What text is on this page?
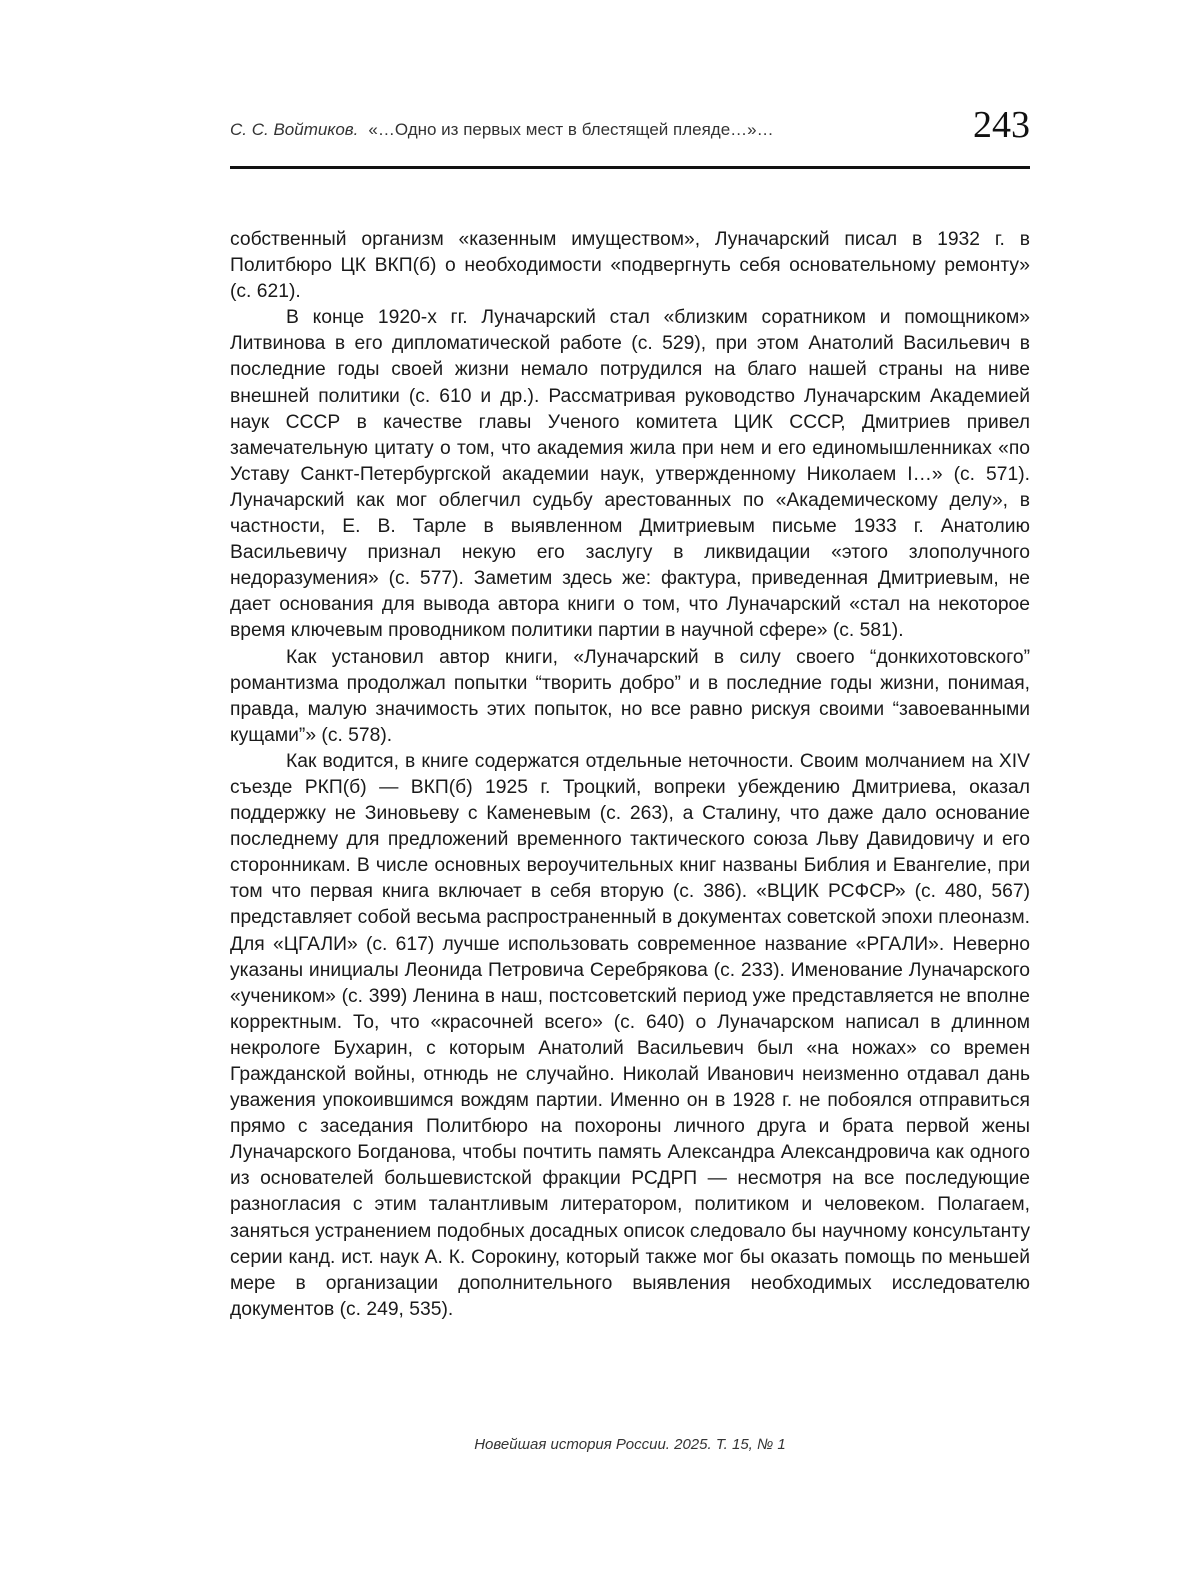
С. С. Войтиков. «…Одно из первых мест в блестящей плеяде…»…	243

собственный организм «казенным имуществом», Луначарский писал в 1932 г. в Политбюро ЦК ВКП(б) о необходимости «подвергнуть себя основательному ремонту» (с. 621).

В конце 1920-х гг. Луначарский стал «близким соратником и помощником» Литвинова в его дипломатической работе (с. 529), при этом Анатолий Васильевич в последние годы своей жизни немало потрудился на благо нашей страны на ниве внешней политики (с. 610 и др.). Рассматривая руководство Луначарским Академией наук СССР в качестве главы Ученого комитета ЦИК СССР, Дмитриев привел замечательную цитату о том, что академия жила при нем и его единомышленниках «по Уставу Санкт-Петербургской академии наук, утвержденному Николаем I…» (с. 571). Луначарский как мог облегчил судьбу арестованных по «Академическому делу», в частности, Е. В. Тарле в выявленном Дмитриевым письме 1933 г. Анатолию Васильевичу признал некую его заслугу в ликвидации «этого злополучного недоразумения» (с. 577). Заметим здесь же: фактура, приведенная Дмитриевым, не дает основания для вывода автора книги о том, что Луначарский «стал на некоторое время ключевым проводником политики партии в научной сфере» (с. 581).

Как установил автор книги, «Луначарский в силу своего “донкихотовского” романтизма продолжал попытки “творить добро” и в последние годы жизни, понимая, правда, малую значимость этих попыток, но все равно рискуя своими “завоеванными кущами”» (с. 578).

Как водится, в книге содержатся отдельные неточности. Своим молчанием на XIV съезде РКП(б) — ВКП(б) 1925 г. Троцкий, вопреки убеждению Дмитриева, оказал поддержку не Зиновьеву с Каменевым (с. 263), а Сталину, что даже дало основание последнему для предложений временного тактического союза Льву Давидовичу и его сторонникам. В числе основных вероучительных книг названы Библия и Евангелие, при том что первая книга включает в себя вторую (с. 386). «ВЦИК РСФСР» (с. 480, 567) представляет собой весьма распространенный в документах советской эпохи плеоназм. Для «ЦГАЛИ» (с. 617) лучше использовать современное название «РГАЛИ». Неверно указаны инициалы Леонида Петровича Серебрякова (с. 233). Именование Луначарского «учеником» (с. 399) Ленина в наш, постсоветский период уже представляется не вполне корректным. То, что «красочней всего» (с. 640) о Луначарском написал в длинном некрологе Бухарин, с которым Анатолий Васильевич был «на ножах» со времен Гражданской войны, отнюдь не случайно. Николай Иванович неизменно отдавал дань уважения упокоившимся вождям партии. Именно он в 1928 г. не побоялся отправиться прямо с заседания Политбюро на похороны личного друга и брата первой жены Луначарского Богданова, чтобы почтить память Александра Александровича как одного из основателей большевистской фракции РСДРП — несмотря на все последующие разногласия с этим талантливым литератором, политиком и человеком. Полагаем, заняться устранением подобных досадных описок следовало бы научному консультанту серии канд. ист. наук А. К. Сорокину, который также мог бы оказать помощь по меньшей мере в организации дополнительного выявления необходимых исследователю документов (с. 249, 535).

Новейшая история России. 2025. Т. 15, № 1
